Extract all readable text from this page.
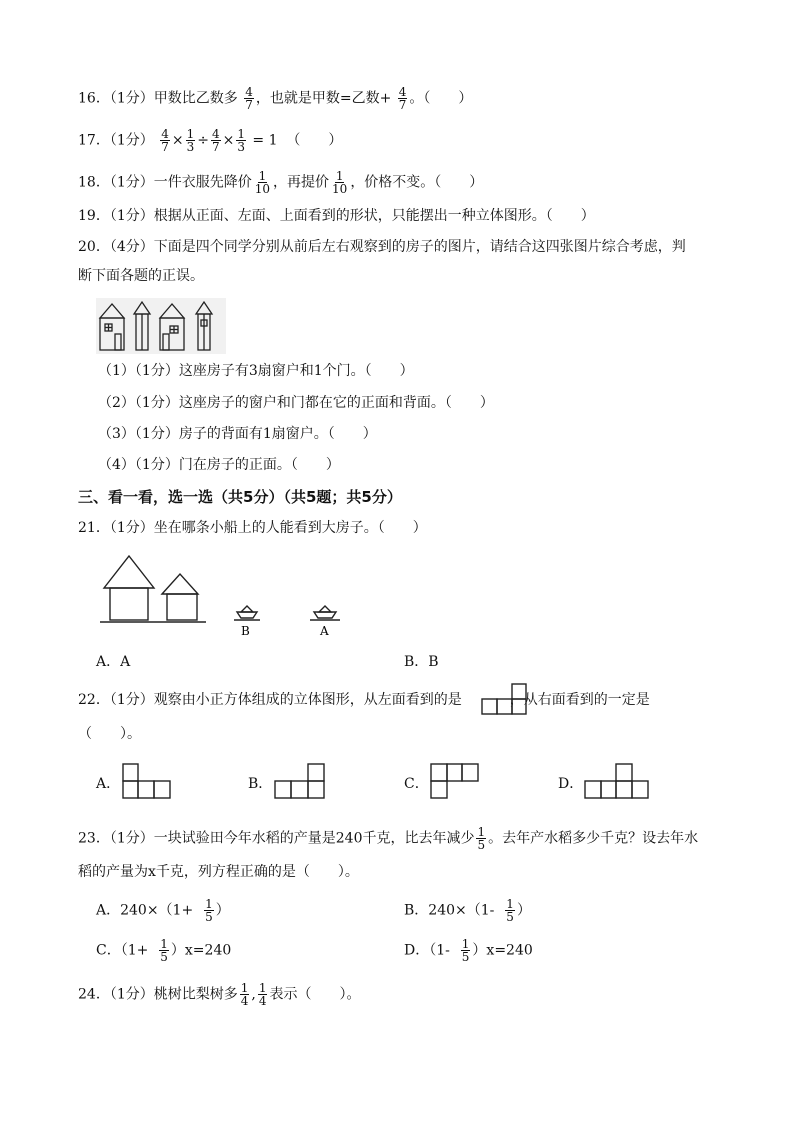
16．（1分）甲数比乙数多 $\frac{4}{7}$ ，也就是甲数=乙数+ $\frac{4}{7}$ 。（　　）
17．（1分） $\frac{4}{7} \times \frac{1}{3} \div \frac{4}{7} \times \frac{1}{3} = 1$ （　　）
18．（1分）一件衣服先降价 $\frac{1}{10}$ ，再提价 $\frac{1}{10}$ ，价格不变。（　　）
19．（1分）根据从正面、左面、上面看到的形状，只能摆出一种立体图形。（　　）
20．（4分）下面是四个同学分别从前后左右观察到的房子的图片，请结合这四张图片综合考虑，判
断下面各题的正误。
（1）（1分）这座房子有3扇窗户和1个门。（　　）
（2）（1分）这座房子的窗户和门都在它的正面和背面。（　　）
（3）（1分）房子的背面有1扇窗户。（　　）
（4）（1分）门在房子的正面。（　　）
三、看一看，选一选（共5分）（共5题；共5分）
21．（1分）坐在哪条小船上的人能看到大房子。（　　）
B	A
A．A	B．B
22．（1分）观察由小正方体组成的立体图形，从左面看到的是	，从右面看到的一定是
（　　）。
A．	B．	C．	D．
23．（1分）一块试验田今年水稻的产量是240千克，比去年减少 $\frac{1}{5}$ 。去年产水稻多少千克？设去年水
稻的产量为x千克，列方程正确的是（　　）。
A．$240\times(1+ \frac{1}{5}$ ）	B．$240\times(1- \frac{1}{5}$ ）
C．$(1+ \frac{1}{5} )x=240$	D．$(1- \frac{1}{5} )x=240$
24．（1分）桃树比梨树多 $\frac{1}{4}$ , $\frac{1}{4}$ 表示（　　）。
